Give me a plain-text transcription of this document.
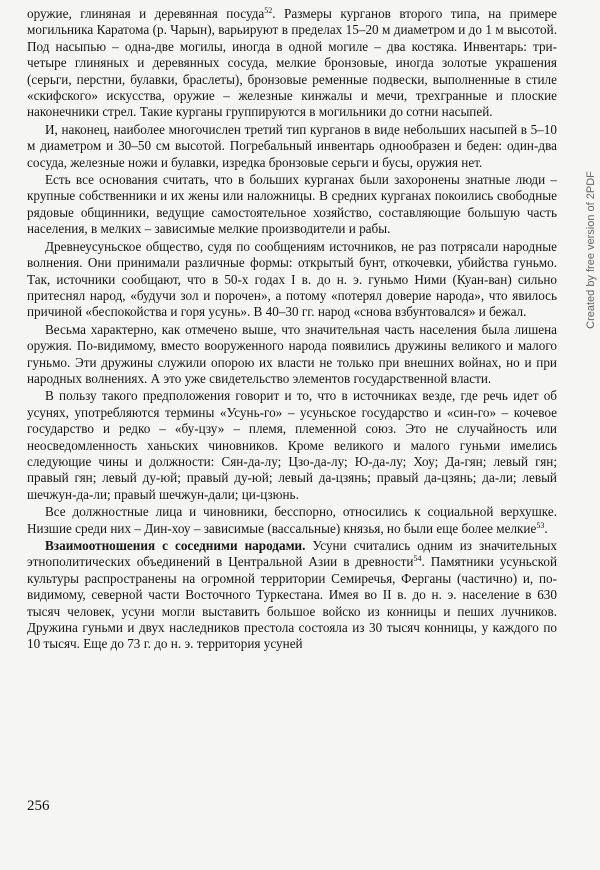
оружие, глиняная и деревянная посуда$^{52}$. Размеры курганов второго типа, на примере могильника Каратома (р. Чарын), варьируют в пределах 15–20 м диаметром и до 1 м высотой. Под насыпью – одна-две могилы, иногда в одной могиле – два костяка. Инвентарь: три-четыре глиняных и деревянных сосуда, мелкие бронзовые, иногда золотые украшения (серьги, перстни, булавки, браслеты), бронзовые ременные подвески, выполненные в стиле «скифского» искусства, оружие – железные кинжалы и мечи, трехгранные и плоские наконечники стрел. Такие курганы группируются в могильники до сотни насыпей.

И, наконец, наиболее многочислен третий тип курганов в виде небольших насыпей в 5–10 м диаметром и 30–50 см высотой. Погребальный инвентарь однообразен и беден: один-два сосуда, железные ножи и булавки, изредка бронзовые серьги и бусы, оружия нет.

Есть все основания считать, что в больших курганах были захоронены знатные люди – крупные собственники и их жены или наложницы. В средних курганах покоились свободные рядовые общинники, ведущие самостоятельное хозяйство, составляющие большую часть населения, в мелких – зависимые мелкие производители и рабы.

Древнеусуньское общество, судя по сообщениям источников, не раз потрясали народные волнения. Они принимали различные формы: открытый бунт, откочевки, убийства гуньмо. Так, источники сообщают, что в 50-х годах I в. до н. э. гуньмо Ними (Куан-ван) сильно притеснял народ, «будучи зол и порочен», а потому «потерял доверие народа», что явилось причиной «беспокойства и горя усунь». В 40–30 гг. народ «снова взбунтовался» и бежал.

Весьма характерно, как отмечено выше, что значительная часть населения была лишена оружия. По-видимому, вместо вооруженного народа появились дружины великого и малого гуньмо. Эти дружины служили опорою их власти не только при внешних войнах, но и при народных волнениях. А это уже свидетельство элементов государственной власти.

В пользу такого предположения говорит и то, что в источниках везде, где речь идет об усунях, употребляются термины «Усунь-го» – усуньское государство и «син-го» – кочевое государство и редко – «бу-цзу» – племя, племенной союз. Это не случайность или неосведомленность ханьских чиновников. Кроме великого и малого гуньми имелись следующие чины и должности: Сян-да-лу; Цзо-да-лу; Ю-да-лу; Хоу; Да-гян; левый гян; правый гян; левый ду-юй; правый ду-юй; левый да-цзянь; правый да-цзянь; да-ли; левый шечжун-да-ли; правый шечжун-дали; ци-цзюнь.

Все должностные лица и чиновники, бесспорно, относились к социальной верхушке. Низшие среди них – Дин-хоу – зависимые (вассальные) князья, но были еще более мелкие$^{53}$.

Взаимоотношения с соседними народами. Усуни считались одним из значительных этнополитических объединений в Центральной Азии в древности$^{54}$. Памятники усуньской культуры распространены на огромной территории Семиречья, Ферганы (частично) и, по-видимому, северной части Восточного Туркестана. Имея во II в. до н. э. население в 630 тысяч человек, усуни могли выставить большое войско из конницы и пеших лучников. Дружина гуньми и двух наследников престола состояла из 30 тысяч конницы, у каждого по 10 тысяч. Еще до 73 г. до н. э. территория усуней

256
Created by free version of 2PDF
